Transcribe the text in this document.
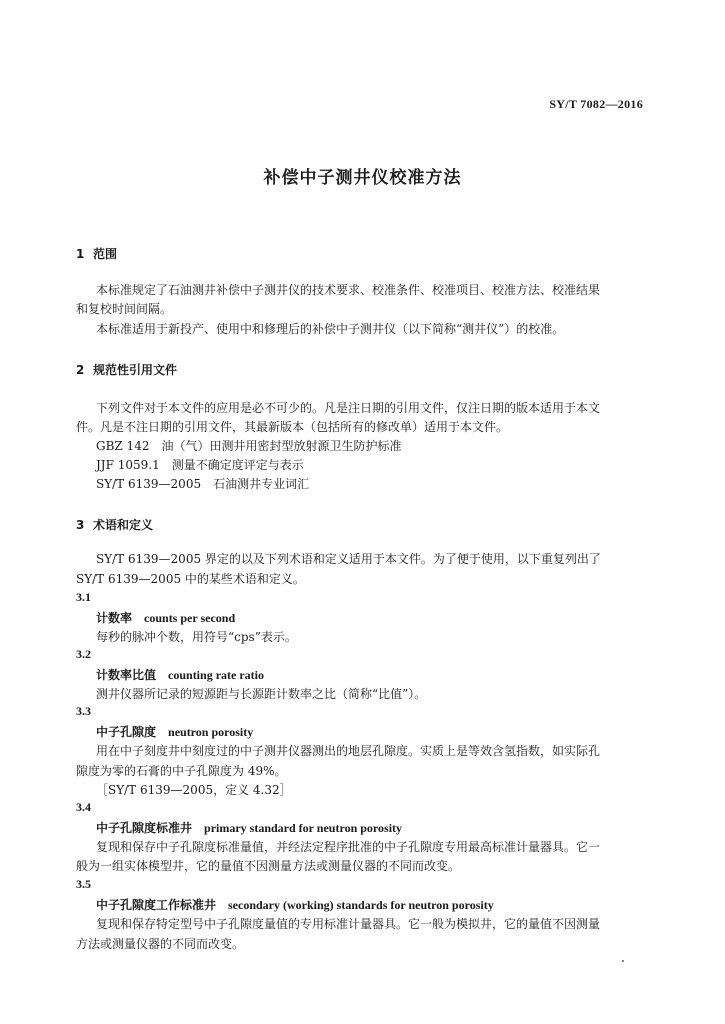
SY/T 7082—2016
补偿中子测井仪校准方法
1 范围
本标准规定了石油测井补偿中子测井仪的技术要求、校准条件、校准项目、校准方法、校准结果
和复校时间间隔。
本标准适用于新投产、使用中和修理后的补偿中子测井仪（以下简称“测井仪”）的校准。
2 规范性引用文件
下列文件对于本文件的应用是必不可少的。凡是注日期的引用文件，仅注日期的版本适用于本文
件。凡是不注日期的引用文件，其最新版本（包括所有的修改单）适用于本文件。
GBZ 142　油（气）田测井用密封型放射源卫生防护标准
JJF 1059.1　测量不确定度评定与表示
SY/T 6139—2005　石油测井专业词汇
3 术语和定义
SY/T 6139—2005 界定的以及下列术语和定义适用于本文件。为了便于使用，以下重复列出了
SY/T 6139—2005 中的某些术语和定义。
3.1
计数率 counts per second
每秒的脉冲个数，用符号“cps”表示。
3.2
计数率比值 counting rate ratio
测井仪器所记录的短源距与长源距计数率之比（简称“比值”）。
3.3
中子孔隙度 neutron porosity
用在中子刻度井中刻度过的中子测井仪器测出的地层孔隙度。实质上是等效含氢指数，如实际孔
隙度为零的石膏的中子孔隙度为 49%。
［SY/T 6139—2005，定义 4.32］
3.4
中子孔隙度标准井 primary standard for neutron porosity
复现和保存中子孔隙度标准量值，并经法定程序批准的中子孔隙度专用最高标准计量器具。它一
般为一组实体模型井，它的量值不因测量方法或测量仪器的不同而改变。
3.5
中子孔隙度工作标准井 secondary (working) standards for neutron porosity
复现和保存特定型号中子孔隙度量值的专用标准计量器具。它一般为模拟井，它的量值不因测量
方法或测量仪器的不同而改变。
